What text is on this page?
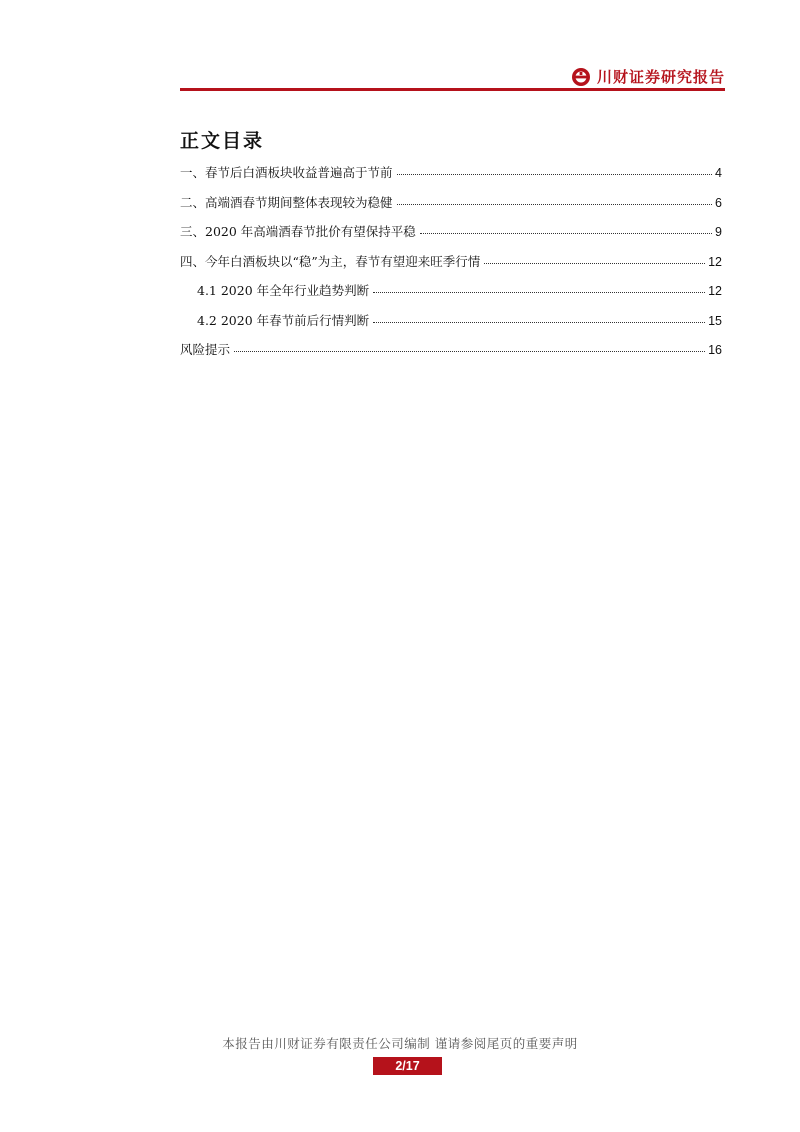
川财证券研究报告
正文目录
一、春节后白酒板块收益普遍高于节前	4
二、高端酒春节期间整体表现较为稳健	6
三、2020 年高端酒春节批价有望保持平稳	9
四、今年白酒板块以“稳”为主，春节有望迎来旺季行情	12
4.1 2020 年全年行业趋势判断	12
4.2 2020 年春节前后行情判断	15
风险提示	16
本报告由川财证券有限责任公司编制 谨请参阅尾页的重要声明
2/17
